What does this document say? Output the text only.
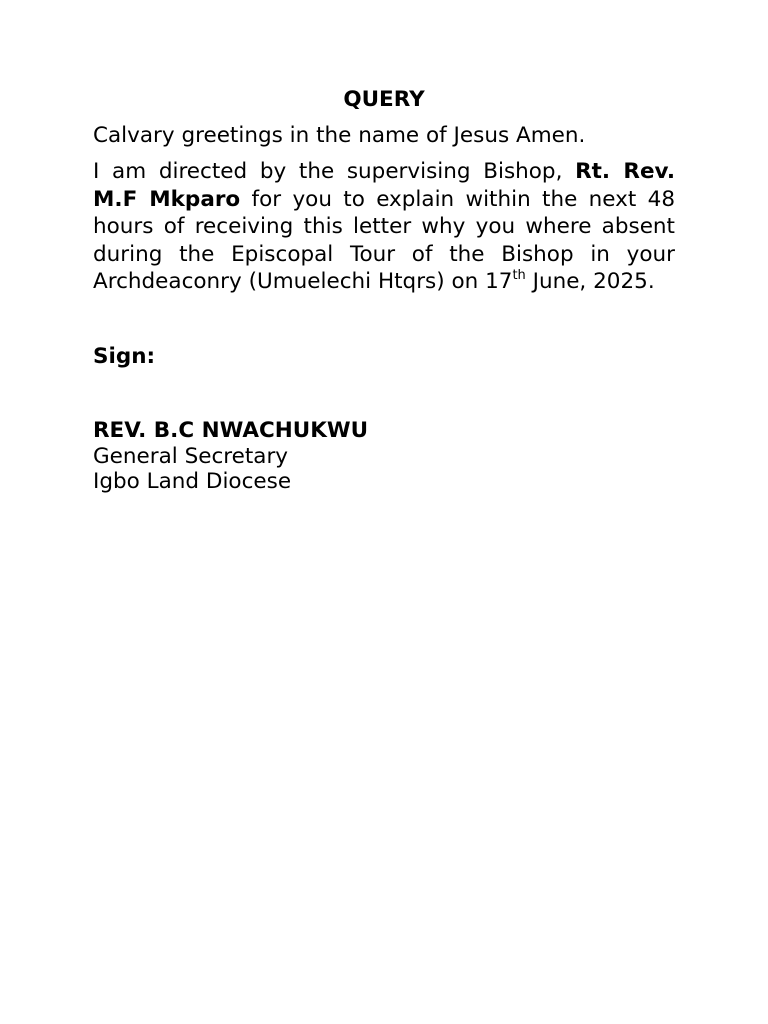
QUERY
Calvary greetings in the name of Jesus Amen.

I am directed by the supervising Bishop, Rt. Rev. M.F Mkparo for you to explain within the next 48 hours of receiving this letter why you where absent during the Episcopal Tour of the Bishop in your Archdeaconry (Umuelechi Htqrs) on 17th June, 2025.

Sign:
REV. B.C NWACHUKWU
General Secretary
Igbo Land Diocese
